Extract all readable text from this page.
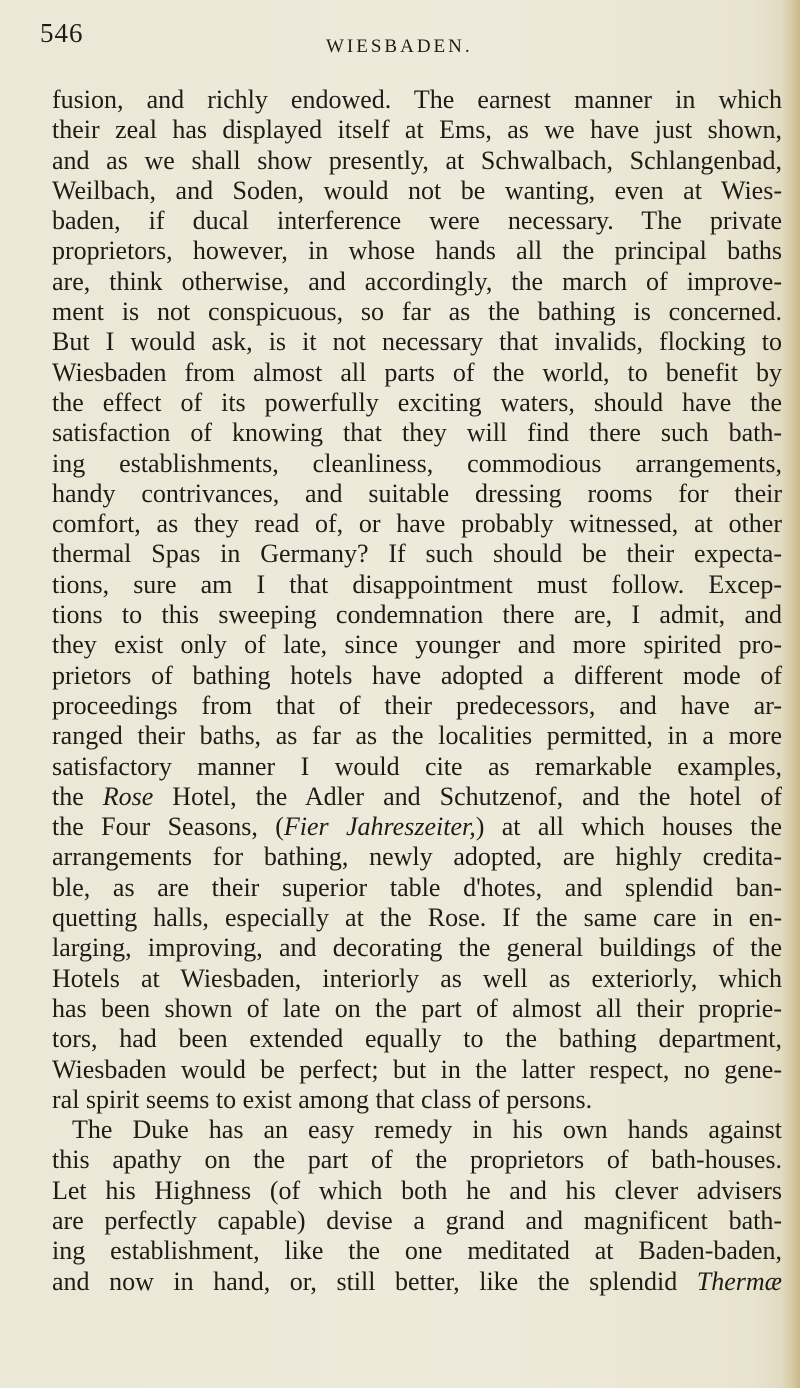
546	WIESBADEN.
fusion, and richly endowed. The earnest manner in which
their zeal has displayed itself at Ems, as we have just shown,
and as we shall show presently, at Schwalbach, Schlangenbad,
Weilbach, and Soden, would not be wanting, even at Wies-
baden, if ducal interference were necessary. The private
proprietors, however, in whose hands all the principal baths
are, think otherwise, and accordingly, the march of improve-
ment is not conspicuous, so far as the bathing is concerned.
But I would ask, is it not necessary that invalids, flocking to
Wiesbaden from almost all parts of the world, to benefit by
the effect of its powerfully exciting waters, should have the
satisfaction of knowing that they will find there such bath-
ing establishments, cleanliness, commodious arrangements,
handy contrivances, and suitable dressing rooms for their
comfort, as they read of, or have probably witnessed, at other
thermal Spas in Germany? If such should be their expecta-
tions, sure am I that disappointment must follow. Excep-
tions to this sweeping condemnation there are, I admit, and
they exist only of late, since younger and more spirited pro-
prietors of bathing hotels have adopted a different mode of
proceedings from that of their predecessors, and have ar-
ranged their baths, as far as the localities permitted, in a more
satisfactory manner I would cite as remarkable examples,
the Rose Hotel, the Adler and Schutzenof, and the hotel of
the Four Seasons, (Fier Jahreszeiter,) at all which houses the
arrangements for bathing, newly adopted, are highly credita-
ble, as are their superior table d'hotes, and splendid ban-
quetting halls, especially at the Rose. If the same care in en-
larging, improving, and decorating the general buildings of the
Hotels at Wiesbaden, interiorly as well as exteriorly, which
has been shown of late on the part of almost all their proprie-
tors, had been extended equally to the bathing department,
Wiesbaden would be perfect; but in the latter respect, no gene-
ral spirit seems to exist among that class of persons.
The Duke has an easy remedy in his own hands against
this apathy on the part of the proprietors of bath-houses.
Let his Highness (of which both he and his clever advisers
are perfectly capable) devise a grand and magnificent bath-
ing establishment, like the one meditated at Baden-baden,
and now in hand, or, still better, like the splendid Thermæ
